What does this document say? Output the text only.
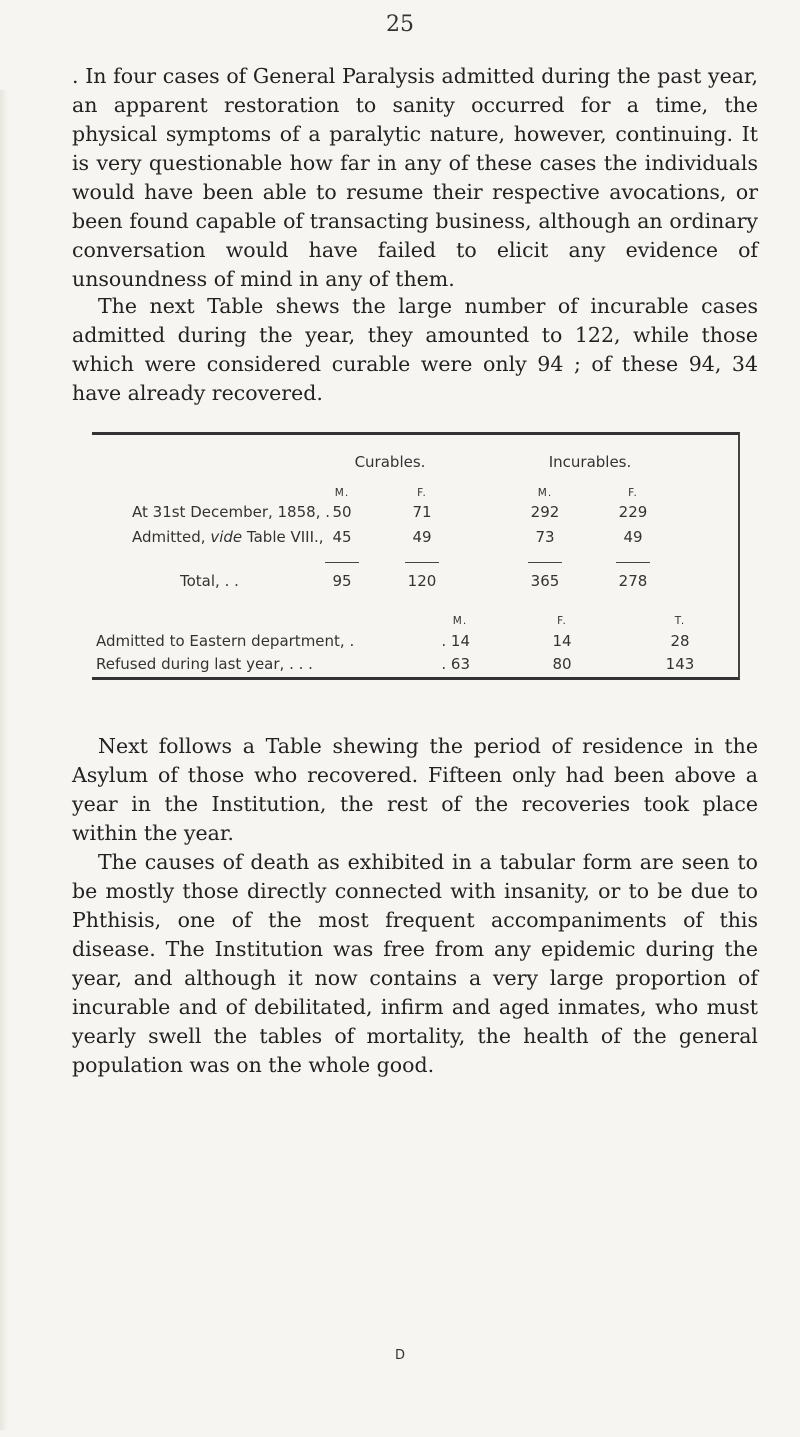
25

. In four cases of General Paralysis admitted during the past year, an apparent restoration to sanity occurred for a time, the physical symptoms of a paralytic nature, however, continuing. It is very questionable how far in any of these cases the individuals would have been able to resume their respective avocations, or been found capable of transacting business, although an ordinary conversation would have failed to elicit any evidence of unsoundness of mind in any of them.

The next Table shews the large number of incurable cases admitted during the year, they amounted to 122, while those which were considered curable were only 94 ; of these 94, 34 have already recovered.

Curables.	Incurables.
M.	F.	M.	F.
At 31st December, 1858, . 50	71	292	229
Admitted, vide Table VIII., 45	49	73	49
Total, . .	95	120	365	278
M.	F.	T.
Admitted to Eastern department, .	. 14	14	28
Refused during last year, . . .	. 63	80	143

Next follows a Table shewing the period of residence in the Asylum of those who recovered. Fifteen only had been above a year in the Institution, the rest of the recoveries took place within the year.

The causes of death as exhibited in a tabular form are seen to be mostly those directly connected with insanity, or to be due to Phthisis, one of the most frequent accompaniments of this disease. The Institution was free from any epidemic during the year, and although it now contains a very large proportion of incurable and of debilitated, infirm and aged inmates, who must yearly swell the tables of mortality, the health of the general population was on the whole good.

D
